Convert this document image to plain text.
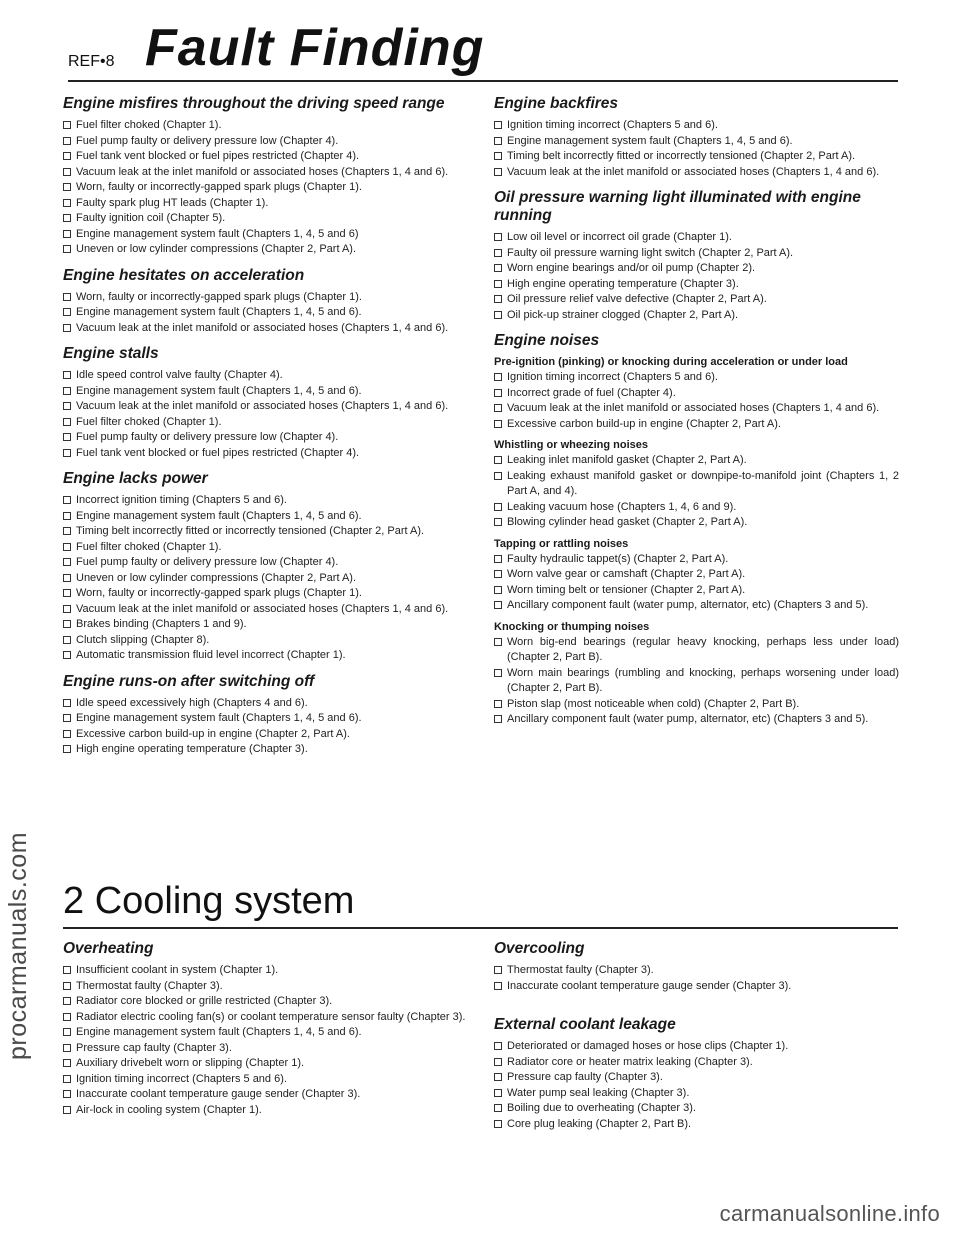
procarmanuals.com
REF•8 Fault Finding
Engine misfires throughout the driving speed range
Fuel filter choked (Chapter 1).
Fuel pump faulty or delivery pressure low (Chapter 4).
Fuel tank vent blocked or fuel pipes restricted (Chapter 4).
Vacuum leak at the inlet manifold or associated hoses (Chapters 1, 4 and 6).
Worn, faulty or incorrectly-gapped spark plugs (Chapter 1).
Faulty spark plug HT leads (Chapter 1).
Faulty ignition coil (Chapter 5).
Engine management system fault (Chapters 1, 4, 5 and 6)
Uneven or low cylinder compressions (Chapter 2, Part A).
Engine hesitates on acceleration
Worn, faulty or incorrectly-gapped spark plugs (Chapter 1).
Engine management system fault (Chapters 1, 4, 5 and 6).
Vacuum leak at the inlet manifold or associated hoses (Chapters 1, 4 and 6).
Engine stalls
Idle speed control valve faulty (Chapter 4).
Engine management system fault (Chapters 1, 4, 5 and 6).
Vacuum leak at the inlet manifold or associated hoses (Chapters 1, 4 and 6).
Fuel filter choked (Chapter 1).
Fuel pump faulty or delivery pressure low (Chapter 4).
Fuel tank vent blocked or fuel pipes restricted (Chapter 4).
Engine lacks power
Incorrect ignition timing (Chapters 5 and 6).
Engine management system fault (Chapters 1, 4, 5 and 6).
Timing belt incorrectly fitted or incorrectly tensioned (Chapter 2, Part A).
Fuel filter choked (Chapter 1).
Fuel pump faulty or delivery pressure low (Chapter 4).
Uneven or low cylinder compressions (Chapter 2, Part A).
Worn, faulty or incorrectly-gapped spark plugs (Chapter 1).
Vacuum leak at the inlet manifold or associated hoses (Chapters 1, 4 and 6).
Brakes binding (Chapters 1 and 9).
Clutch slipping (Chapter 8).
Automatic transmission fluid level incorrect (Chapter 1).
Engine runs-on after switching off
Idle speed excessively high (Chapters 4 and 6).
Engine management system fault (Chapters 1, 4, 5 and 6).
Excessive carbon build-up in engine (Chapter 2, Part A).
High engine operating temperature (Chapter 3).
Engine backfires
Ignition timing incorrect (Chapters 5 and 6).
Engine management system fault (Chapters 1, 4, 5 and 6).
Timing belt incorrectly fitted or incorrectly tensioned (Chapter 2, Part A).
Vacuum leak at the inlet manifold or associated hoses (Chapters 1, 4 and 6).
Oil pressure warning light illuminated with engine running
Low oil level or incorrect oil grade (Chapter 1).
Faulty oil pressure warning light switch (Chapter 2, Part A).
Worn engine bearings and/or oil pump (Chapter 2).
High engine operating temperature (Chapter 3).
Oil pressure relief valve defective (Chapter 2, Part A).
Oil pick-up strainer clogged (Chapter 2, Part A).
Engine noises
Pre-ignition (pinking) or knocking during acceleration or under load
Ignition timing incorrect (Chapters 5 and 6).
Incorrect grade of fuel (Chapter 4).
Vacuum leak at the inlet manifold or associated hoses (Chapters 1, 4 and 6).
Excessive carbon build-up in engine (Chapter 2, Part A).
Whistling or wheezing noises
Leaking inlet manifold gasket (Chapter 2, Part A).
Leaking exhaust manifold gasket or downpipe-to-manifold joint (Chapters 1, 2 Part A, and 4).
Leaking vacuum hose (Chapters 1, 4, 6 and 9).
Blowing cylinder head gasket (Chapter 2, Part A).
Tapping or rattling noises
Faulty hydraulic tappet(s) (Chapter 2, Part A).
Worn valve gear or camshaft (Chapter 2, Part A).
Worn timing belt or tensioner (Chapter 2, Part A).
Ancillary component fault (water pump, alternator, etc) (Chapters 3 and 5).
Knocking or thumping noises
Worn big-end bearings (regular heavy knocking, perhaps less under load) (Chapter 2, Part B).
Worn main bearings (rumbling and knocking, perhaps worsening under load) (Chapter 2, Part B).
Piston slap (most noticeable when cold) (Chapter 2, Part B).
Ancillary component fault (water pump, alternator, etc) (Chapters 3 and 5).
2 Cooling system
Overheating
Insufficient coolant in system (Chapter 1).
Thermostat faulty (Chapter 3).
Radiator core blocked or grille restricted (Chapter 3).
Radiator electric cooling fan(s) or coolant temperature sensor faulty (Chapter 3).
Engine management system fault (Chapters 1, 4, 5 and 6).
Pressure cap faulty (Chapter 3).
Auxiliary drivebelt worn or slipping (Chapter 1).
Ignition timing incorrect (Chapters 5 and 6).
Inaccurate coolant temperature gauge sender (Chapter 3).
Air-lock in cooling system (Chapter 1).
Overcooling
Thermostat faulty (Chapter 3).
Inaccurate coolant temperature gauge sender (Chapter 3).
External coolant leakage
Deteriorated or damaged hoses or hose clips (Chapter 1).
Radiator core or heater matrix leaking (Chapter 3).
Pressure cap faulty (Chapter 3).
Water pump seal leaking (Chapter 3).
Boiling due to overheating (Chapter 3).
Core plug leaking (Chapter 2, Part B).
carmanualsonline.info
